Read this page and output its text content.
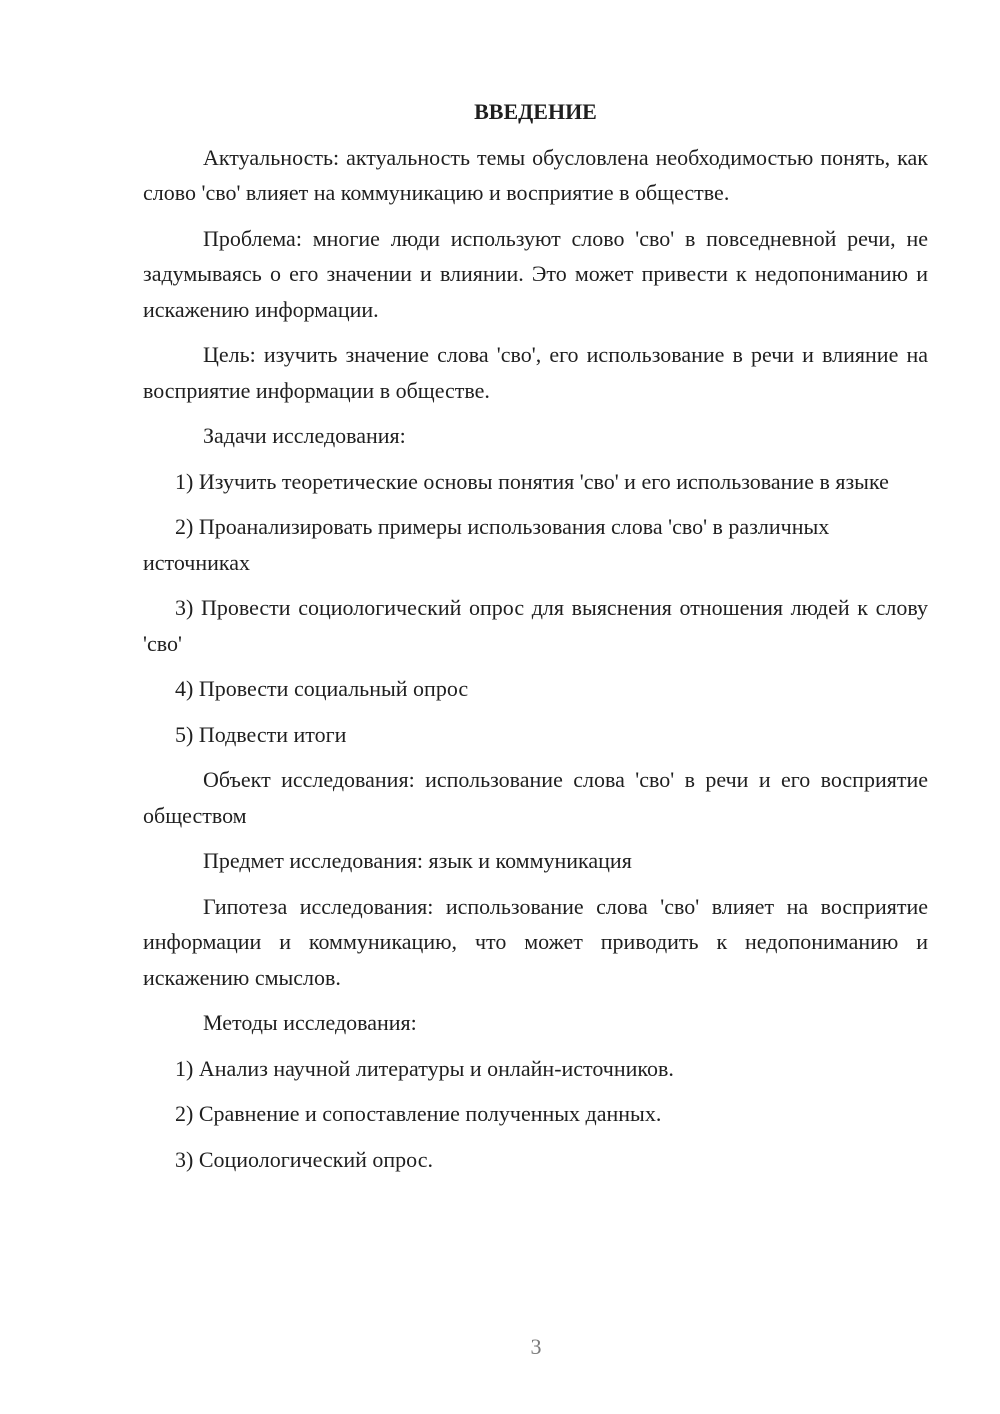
ВВЕДЕНИЕ
Актуальность: актуальность темы обусловлена необходимостью понять, как слово 'сво' влияет на коммуникацию и восприятие в обществе.
Проблема: многие люди используют слово 'сво' в повседневной речи, не задумываясь о его значении и влиянии. Это может привести к недопониманию и искажению информации.
Цель: изучить значение слова 'сво', его использование в речи и влияние на восприятие информации в обществе.
Задачи исследования:
1) Изучить теоретические основы понятия 'сво' и его использование в языке
2) Проанализировать примеры использования слова 'сво' в различных источниках
3) Провести социологический опрос для выяснения отношения людей к слову 'сво'
4) Провести социальный опрос
5) Подвести итоги
Объект исследования: использование слова 'сво' в речи и его восприятие обществом
Предмет исследования: язык и коммуникация
Гипотеза исследования: использование слова 'сво' влияет на восприятие информации и коммуникацию, что может приводить к недопониманию и искажению смыслов.
Методы исследования:
1) Анализ научной литературы и онлайн-источников.
2) Сравнение и сопоставление полученных данных.
3) Социологический опрос.
3
